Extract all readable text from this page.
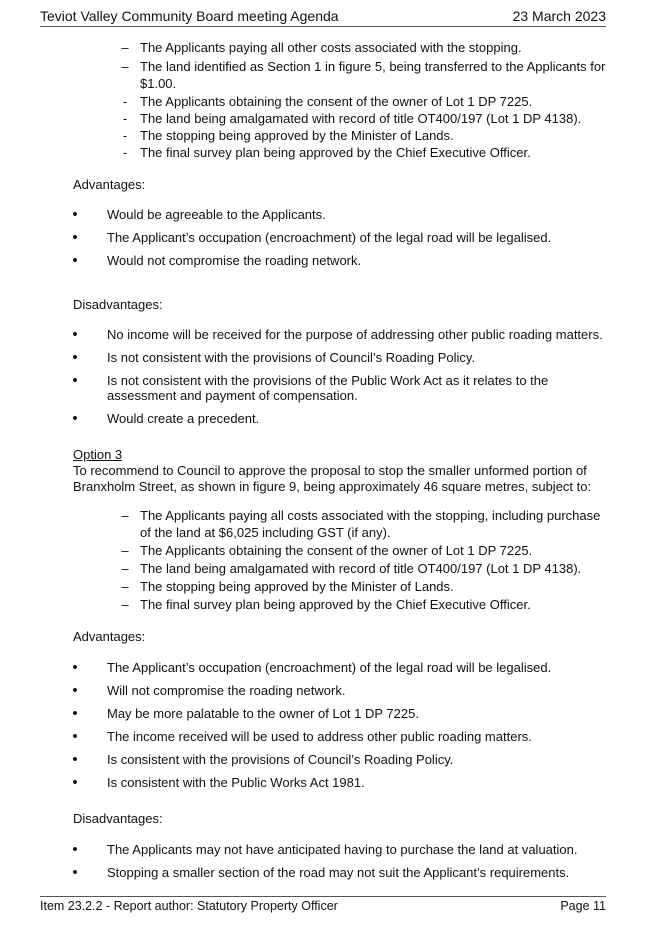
Teviot Valley Community Board meeting Agenda	23 March 2023
– The Applicants paying all other costs associated with the stopping.
– The land identified as Section 1 in figure 5, being transferred to the Applicants for
$1.00.
- The Applicants obtaining the consent of the owner of Lot 1 DP 7225.
- The land being amalgamated with record of title OT400/197 (Lot 1 DP 4138).
- The stopping being approved by the Minister of Lands.
- The final survey plan being approved by the Chief Executive Officer.
Advantages:
•	Would be agreeable to the Applicants.
•	The Applicant’s occupation (encroachment) of the legal road will be legalised.
•	Would not compromise the roading network.
Disadvantages:
•	No income will be received for the purpose of addressing other public roading matters.
•	Is not consistent with the provisions of Council’s Roading Policy.
•	Is not consistent with the provisions of the Public Work Act as it relates to the
assessment and payment of compensation.
•	Would create a precedent.
Option 3
To recommend to Council to approve the proposal to stop the smaller unformed portion of
Branxholm Street, as shown in figure 9, being approximately 46 square metres, subject to:
– The Applicants paying all costs associated with the stopping, including purchase
of the land at $6,025 including GST (if any).
– The Applicants obtaining the consent of the owner of Lot 1 DP 7225.
– The land being amalgamated with record of title OT400/197 (Lot 1 DP 4138).
– The stopping being approved by the Minister of Lands.
– The final survey plan being approved by the Chief Executive Officer.
Advantages:
•	The Applicant’s occupation (encroachment) of the legal road will be legalised.
•	Will not compromise the roading network.
•	May be more palatable to the owner of Lot 1 DP 7225.
•	The income received will be used to address other public roading matters.
•	Is consistent with the provisions of Council’s Roading Policy.
•	Is consistent with the Public Works Act 1981.
Disadvantages:
•	The Applicants may not have anticipated having to purchase the land at valuation.
•	Stopping a smaller section of the road may not suit the Applicant’s requirements.
Item 23.2.2 - Report author: Statutory Property Officer	Page 11
